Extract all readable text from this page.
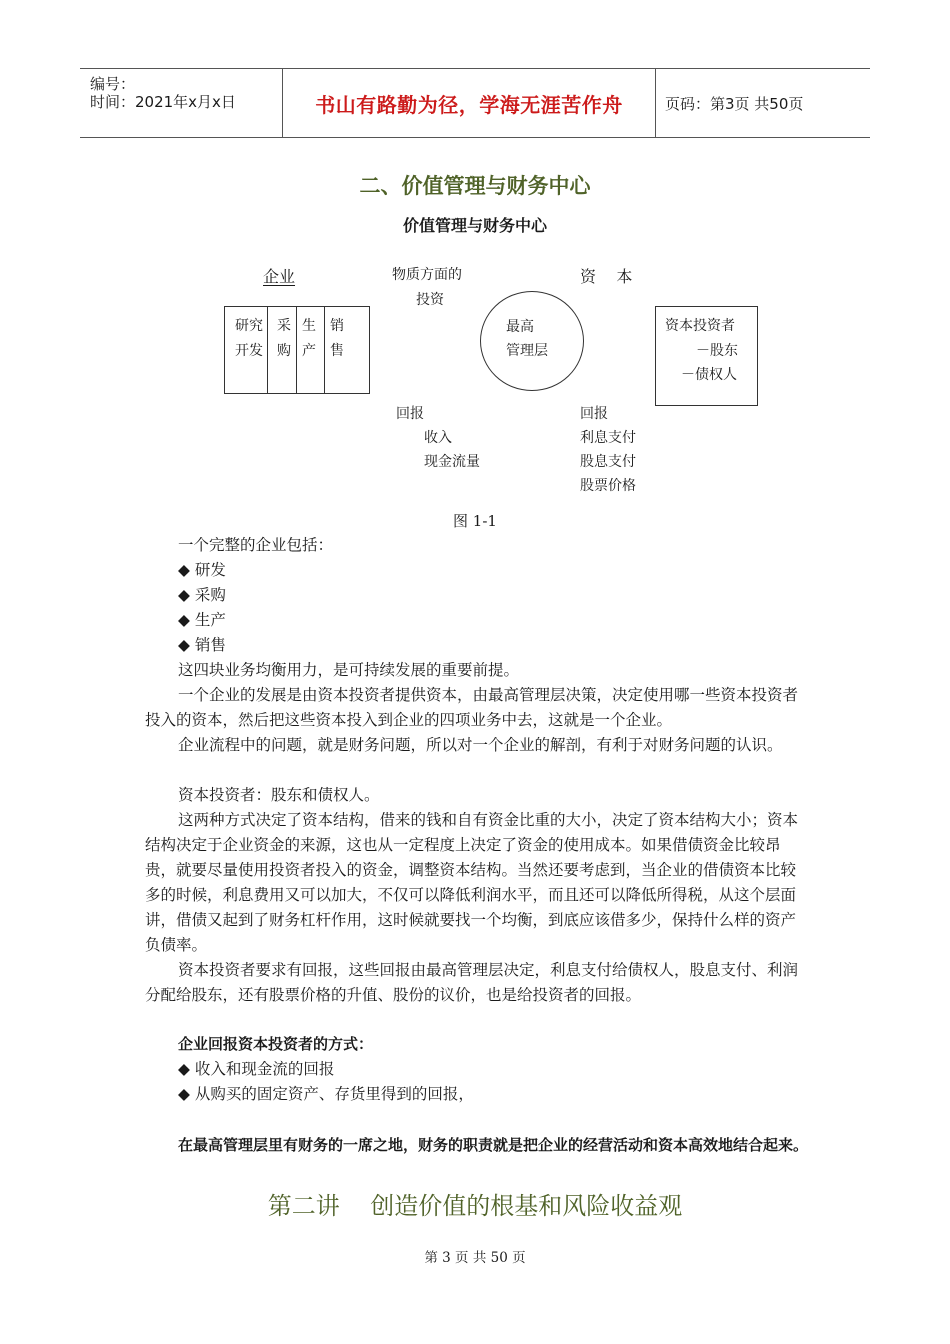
编号：
时间：2021年x月x日	书山有路勤为径，学海无涯苦作舟	页码：第3页 共50页
二、价值管理与财务中心
价值管理与财务中心
企业	物质方面的
投资
资    本
研究
开发
采
购
生
产
销
售
最高
管理层
资本投资者
－股东
－债权人
回报
收入
现金流量
回报
利息支付
股息支付
股票价格
图 1-1
一个完整的企业包括：
◆ 研发
◆ 采购
◆ 生产
◆ 销售
这四块业务均衡用力，是可持续发展的重要前提。
一个企业的发展是由资本投资者提供资本，由最高管理层决策，决定使用哪一些资本投资者投入的资本，然后把这些资本投入到企业的四项业务中去，这就是一个企业。
企业流程中的问题，就是财务问题，所以对一个企业的解剖，有利于对财务问题的认识。
资本投资者：股东和债权人。
这两种方式决定了资本结构，借来的钱和自有资金比重的大小，决定了资本结构大小；资本结构决定于企业资金的来源，这也从一定程度上决定了资金的使用成本。如果借债资金比较昂贵，就要尽量使用投资者投入的资金，调整资本结构。当然还要考虑到，当企业的借债资本比较多的时候，利息费用又可以加大，不仅可以降低利润水平，而且还可以降低所得税，从这个层面讲，借债又起到了财务杠杆作用，这时候就要找一个均衡，到底应该借多少，保持什么样的资产负债率。
资本投资者要求有回报，这些回报由最高管理层决定，利息支付给债权人，股息支付、利润分配给股东，还有股票价格的升值、股份的议价，也是给投资者的回报。
企业回报资本投资者的方式：
◆ 收入和现金流的回报
◆ 从购买的固定资产、存货里得到的回报，
在最高管理层里有财务的一席之地，财务的职责就是把企业的经营活动和资本高效地结合起来。
第二讲    创造价值的根基和风险收益观
第 3 页 共 50 页
